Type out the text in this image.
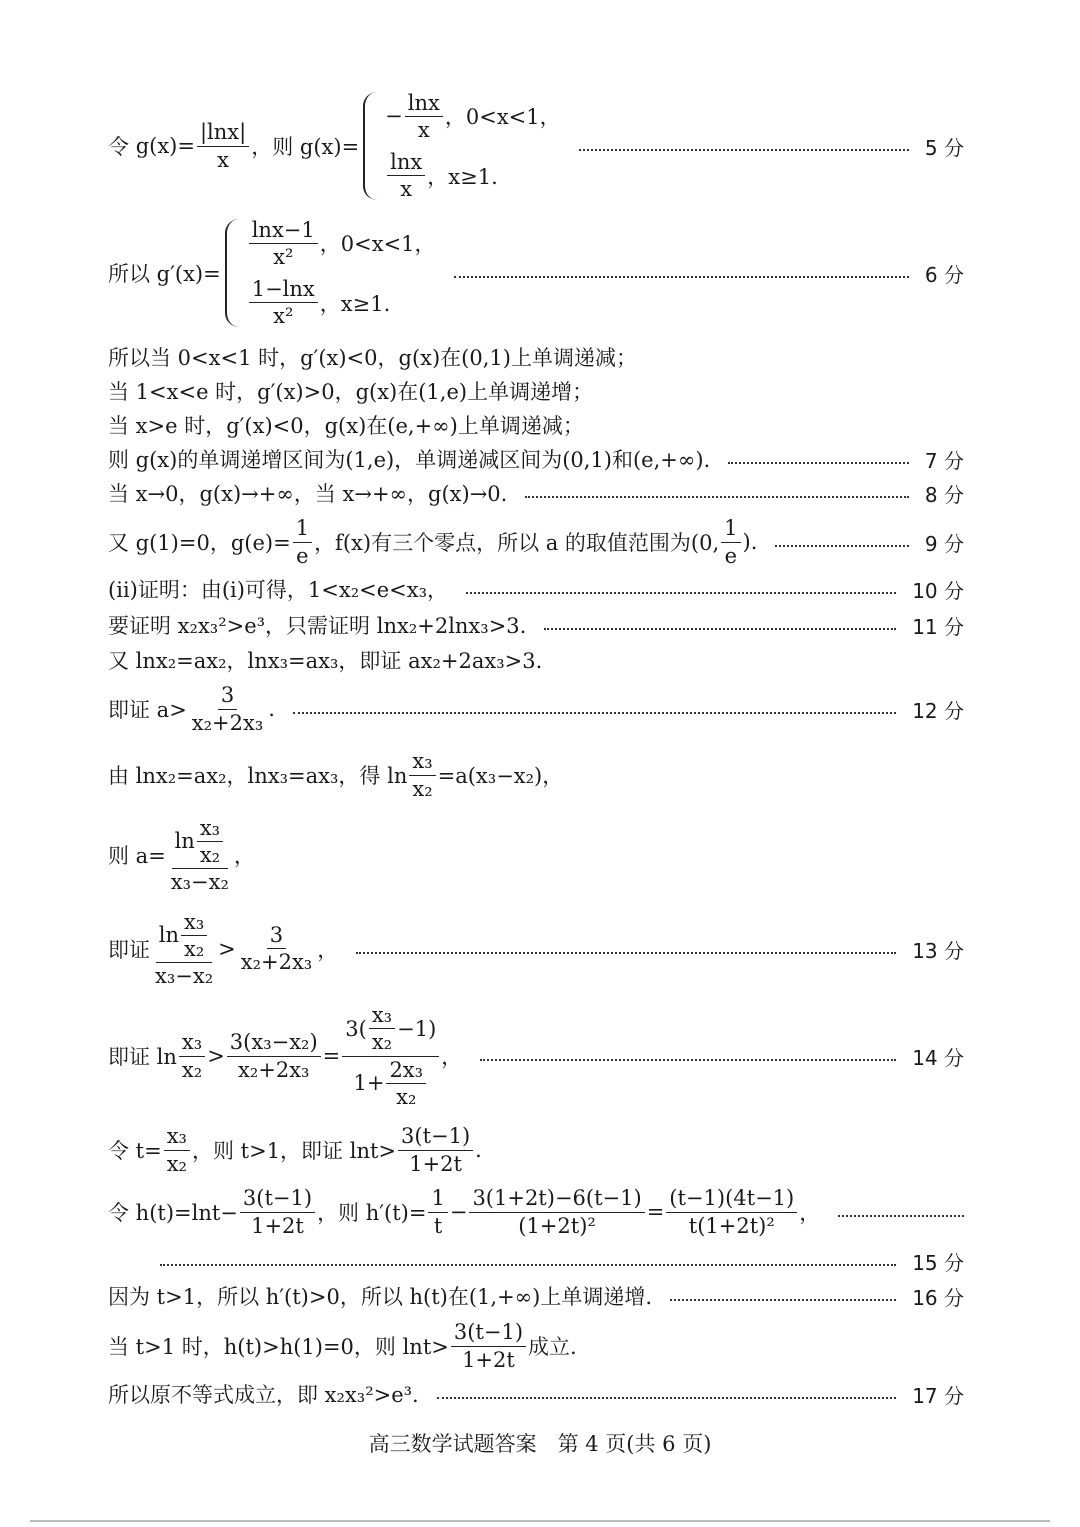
令
$g(x)= \frac{|\ln x|}{x}$ ，则 g(x)=
− $\frac{\ln x}{x}$ ，0<x<1，
$\frac{\ln x}{x}$ ，x≥1.
5 分
所以 g′(x)=
$\frac{\ln x-1}{\text{x²}}$ ，0<x<1，
$\frac{1-\ln x}{\text{x²}}$ ，x≥1.
6 分
所以当 0<x<1 时，g′(x)<0，g(x)在(0,1)上单调递减；
当 1<x<e 时，g′(x)>0，g(x)在(1,e)上单调递增；
当 x>e 时，g′(x)<0，g(x)在(e,+∞)上单调递减；
则 g(x)的单调递增区间为(1,e)，单调递减区间为(0,1)和(e,+∞).	7 分
当 x→0，g(x)→+∞，当 x→+∞，g(x)→0.	8 分
又 g(1)=0，$g(e)= \frac{1}{e}$ ，f(x)有三个零点，所以 a 的取值范围为(0, $\frac{1}{e}$ ).	9 分
(ⅱ)证明：由(ⅰ)可得，1<x₂<e<x₃，	10 分
要证明 x₂x₃²>e³，只需证明 lnx₂+2lnx₃>3.	11 分
又 lnx₂=ax₂，lnx₃=ax₃，即证 ax₂+2ax₃>3.
即证 $a> \frac{3}{\text{x₂+2x₃}}$ .	12 分
由 lnx₂=ax₂，lnx₃=ax₃，得 $\ln \frac{\text{x₃}}{\text{x₂}} =a(x_3-x_2)$，
则 $a= \frac{\ln \frac{\text{x₃}}{\text{x₂}}}{\text{x₃−x₂}}$ ，
即证 $\frac{\ln \frac{\text{x₃}}{\text{x₂}}}{\text{x₃−x₂}} > \frac{3}{\text{x₂+2x₃}}$ ，	13 分
即证 $\ln \frac{\text{x₃}}{\text{x₂}} > \frac{\text{3(x₃−x₂)}}{\text{x₂+2x₃}} = \frac{3( \frac{\text{x₃}}{\text{x₂}} -1)}{1+ \frac{\text{2x₃}}{\text{x₂}}}$ ，	14 分
令 $t= \frac{\text{x₃}}{\text{x₂}}$ ，则 t>1，即证 $\ln t> \frac{3(t-1)}{1+2t}$ .
令 $h(t)=\ln t- \frac{3(t-1)}{1+2t}$ ，则 $h'(t)= \frac{1}{t} - \frac{3(1+2t)-6(t-1)}{\text{(1+2t)²}} = \frac{(t-1)(4t-1)}{\text{t(1+2t)²}}$ ，
15 分
因为 t>1，所以 h′(t)>0，所以 h(t)在(1,+∞)上单调递增.	16 分
当 t>1 时，h(t)>h(1)=0，则 $\ln t> \frac{3(t-1)}{1+2t}$ 成立.
所以原不等式成立，即 x₂x₃²>e³.	17 分
高三数学试题答案　第 4 页(共 6 页)
